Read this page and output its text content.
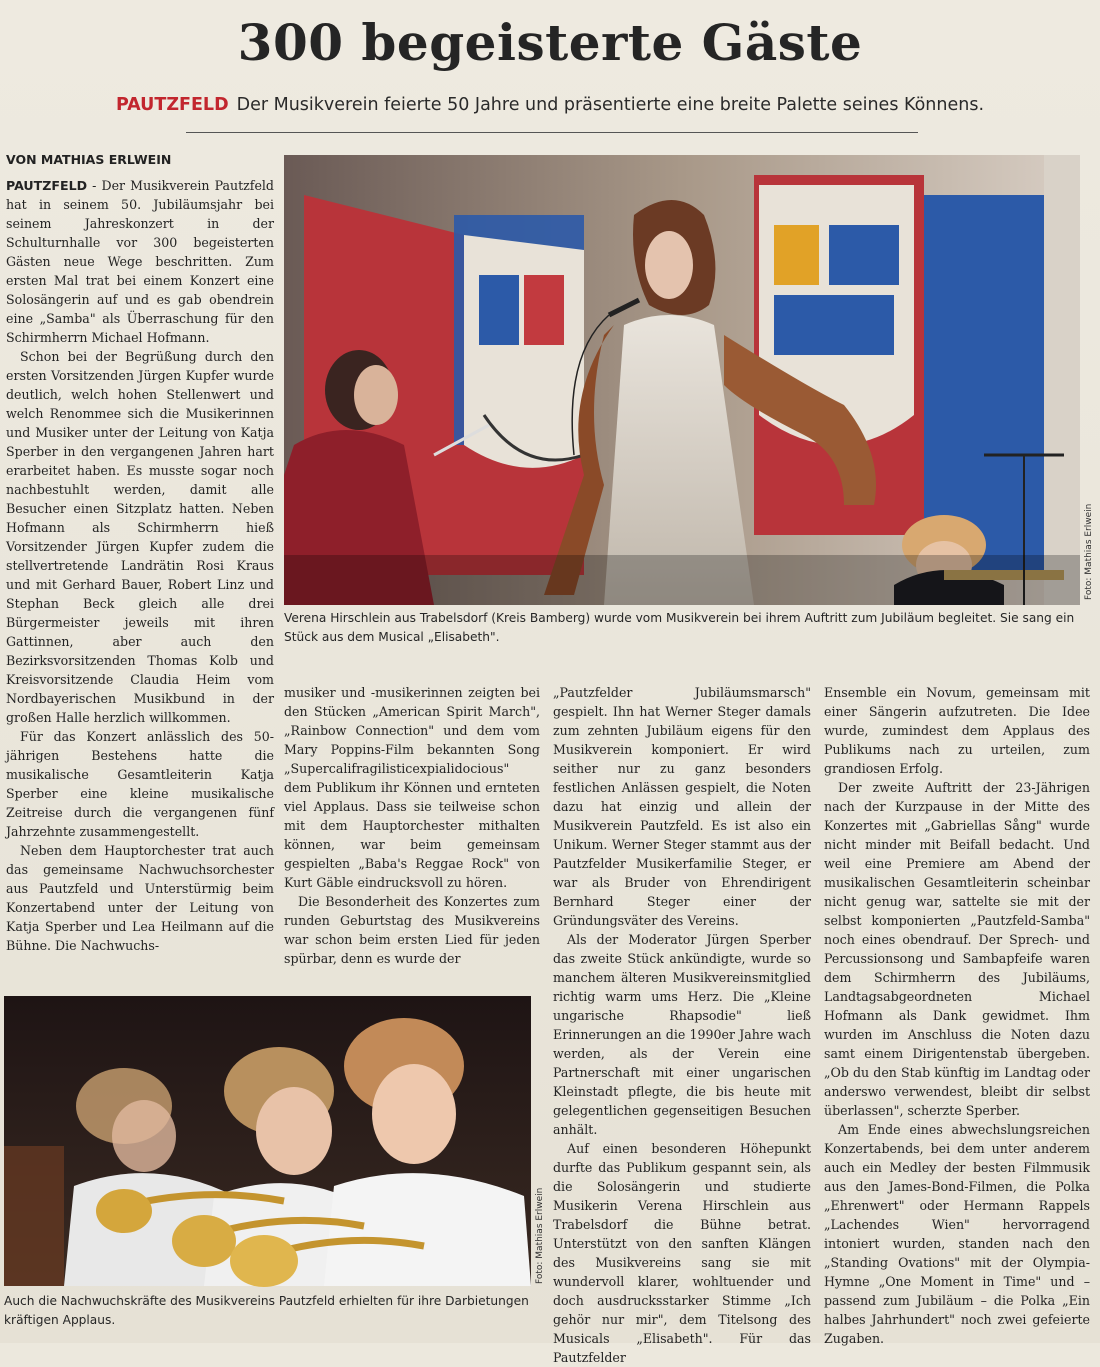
300 begeisterte Gäste
PAUTZFELD Der Musikverein feierte 50 Jahre und präsentierte eine breite Palette seines Könnens.
VON MATHIAS ERLWEIN

PAUTZFELD - Der Musikverein Pautzfeld hat in seinem 50. Jubiläumsjahr bei seinem Jahreskonzert in der Schulturnhalle vor 300 begeisterten Gästen neue Wege beschritten. Zum ersten Mal trat bei einem Konzert eine Solosängerin auf und es gab obendrein eine „Samba" als Überraschung für den Schirmherrn Michael Hofmann.

Schon bei der Begrüßung durch den ersten Vorsitzenden Jürgen Kupfer wurde deutlich, welch hohen Stellenwert und welch Renommee sich die Musikerinnen und Musiker unter der Leitung von Katja Sperber in den vergangenen Jahren hart erarbeitet haben. Es musste sogar noch nachbestuhlt werden, damit alle Besucher einen Sitzplatz hatten. Neben Hofmann als Schirmherrn hieß Vorsitzender Jürgen Kupfer zudem die stellvertretende Landrätin Rosi Kraus und mit Gerhard Bauer, Robert Linz und Stephan Beck gleich alle drei Bürgermeister jeweils mit ihren Gattinnen, aber auch den Bezirksvorsitzenden Thomas Kolb und Kreisvorsitzende Claudia Heim vom Nordbayerischen Musikbund in der großen Halle herzlich willkommen.

Für das Konzert anlässlich des 50-jährigen Bestehens hatte die musikalische Gesamtleiterin Katja Sperber eine kleine musikalische Zeitreise durch die vergangenen fünf Jahrzehnte zusammengestellt.

Neben dem Hauptorchester trat auch das gemeinsame Nachwuchsorchester aus Pautzfeld und Unterstürmig beim Konzertabend unter der Leitung von Katja Sperber und Lea Heilmann auf die Bühne. Die Nachwuchs-

Foto: Mathias Erlwein
Verena Hirschlein aus Trabelsdorf (Kreis Bamberg) wurde vom Musikverein bei ihrem Auftritt zum Jubiläum begleitet. Sie sang ein Stück aus dem Musical „Elisabeth".

musiker und -musikerinnen zeigten bei den Stücken „American Spirit March", „Rainbow Connection" und dem vom Mary Poppins-Film bekannten Song „Supercalifragilisticexpialidocious" dem Publikum ihr Können und ernteten viel Applaus. Dass sie teilweise schon mit dem Hauptorchester mithalten können, war beim gemeinsam gespielten „Baba's Reggae Rock" von Kurt Gäble eindrucksvoll zu hören.

Die Besonderheit des Konzertes zum runden Geburtstag des Musikvereins war schon beim ersten Lied für jeden spürbar, denn es wurde der

„Pautzfelder Jubiläumsmarsch" gespielt. Ihn hat Werner Steger damals zum zehnten Jubiläum eigens für den Musikverein komponiert. Er wird seither nur zu ganz besonders festlichen Anlässen gespielt, die Noten dazu hat einzig und allein der Musikverein Pautzfeld. Es ist also ein Unikum. Werner Steger stammt aus der Pautzfelder Musikerfamilie Steger, er war als Bruder von Ehrendirigent Bernhard Steger einer der Gründungsväter des Vereins.

Als der Moderator Jürgen Sperber das zweite Stück ankündigte, wurde so manchem älteren Musikvereinsmitglied richtig warm ums Herz. Die „Kleine ungarische Rhapsodie" ließ Erinnerungen an die 1990er Jahre wach werden, als der Verein eine Partnerschaft mit einer ungarischen Kleinstadt pflegte, die bis heute mit gelegentlichen gegenseitigen Besuchen anhält.

Auf einen besonderen Höhepunkt durfte das Publikum gespannt sein, als die Solosängerin und studierte Musikerin Verena Hirschlein aus Trabelsdorf die Bühne betrat. Unterstützt von den sanften Klängen des Musikvereins sang sie mit wundervoll klarer, wohltuender und doch ausdrucksstarker Stimme „Ich gehör nur mir", dem Titelsong des Musicals „Elisabeth". Für das Pautzfelder

Ensemble ein Novum, gemeinsam mit einer Sängerin aufzutreten. Die Idee wurde, zumindest dem Applaus des Publikums nach zu urteilen, zum grandiosen Erfolg.

Der zweite Auftritt der 23-Jährigen nach der Kurzpause in der Mitte des Konzertes mit „Gabriellas Sång" wurde nicht minder mit Beifall bedacht. Und weil eine Premiere am Abend der musikalischen Gesamtleiterin scheinbar nicht genug war, sattelte sie mit der selbst komponierten „Pautzfeld-Samba" noch eines obendrauf. Der Sprech- und Percussionsong und Sambapfeife waren dem Schirmherrn des Jubiläums, Landtagsabgeordneten Michael Hofmann als Dank gewidmet. Ihm wurden im Anschluss die Noten dazu samt einem Dirigentenstab übergeben. „Ob du den Stab künftig im Landtag oder anderswo verwendest, bleibt dir selbst überlassen", scherzte Sperber.

Am Ende eines abwechslungsreichen Konzertabends, bei dem unter anderem auch ein Medley der besten Filmmusik aus den James-Bond-Filmen, die Polka „Ehrenwert" oder Hermann Rappels „Lachendes Wien" hervorragend intoniert wurden, standen nach den „Standing Ovations" mit der Olympia-Hymne „One Moment in Time" und – passend zum Jubiläum – die Polka „Ein halbes Jahrhundert" noch zwei gefeierte Zugaben.

Foto: Mathias Erlwein
Auch die Nachwuchskräfte des Musikvereins Pautzfeld erhielten für ihre Darbietungen kräftigen Applaus.
